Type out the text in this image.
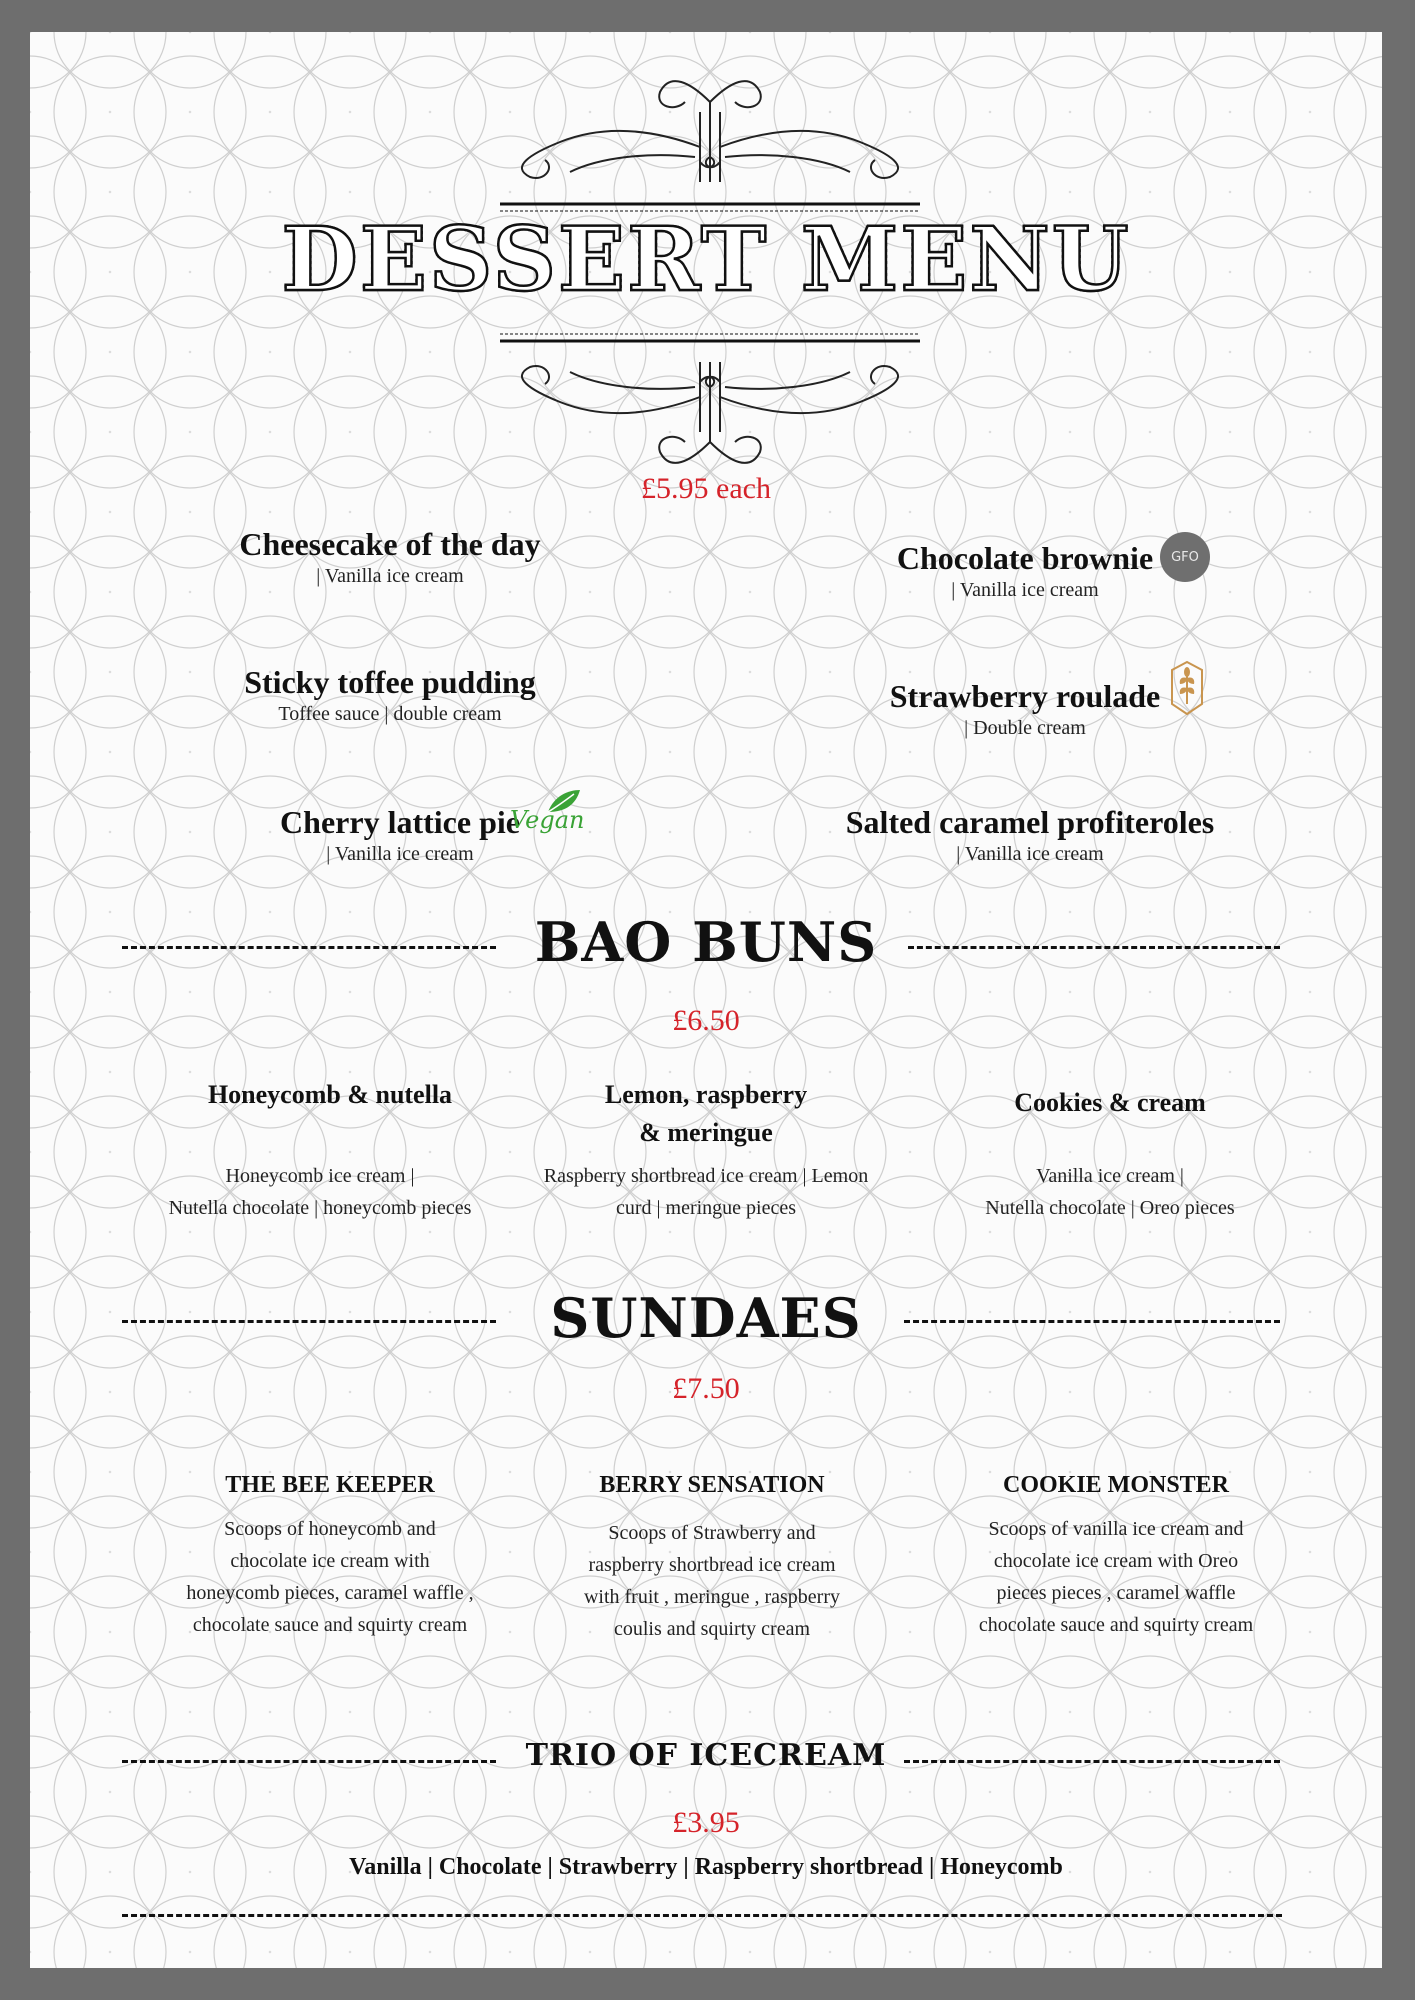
DESSERT MENU
£5.95 each
Cheesecake of the day
| Vanilla ice cream	Chocolate brownie
| Vanilla ice cream
GFO
Sticky toffee pudding
Toffee sauce | double cream	Strawberry roulade
| Double cream
Cherry lattice pie
| Vanilla ice cream
Vegan	Salted caramel profiteroles
| Vanilla ice cream
BAO BUNS
£6.50
Honeycomb & nutella
Honeycomb ice cream |
Nutella chocolate | honeycomb pieces
Lemon, raspberry
& meringue
Raspberry shortbread ice cream | Lemon
curd | meringue pieces
Cookies & cream
Vanilla ice cream |
Nutella chocolate | Oreo pieces
SUNDAES
£7.50
THE BEE KEEPER
Scoops of honeycomb and
chocolate ice cream with
honeycomb pieces, caramel waffle ,
chocolate sauce and squirty cream
BERRY SENSATION
Scoops of Strawberry and
raspberry shortbread ice cream
with fruit , meringue , raspberry
coulis and squirty cream
COOKIE MONSTER
Scoops of vanilla ice cream and
chocolate ice cream with Oreo
pieces pieces , caramel waffle
chocolate sauce and squirty cream
TRIO OF ICECREAM
£3.95
Vanilla | Chocolate | Strawberry | Raspberry shortbread | Honeycomb
